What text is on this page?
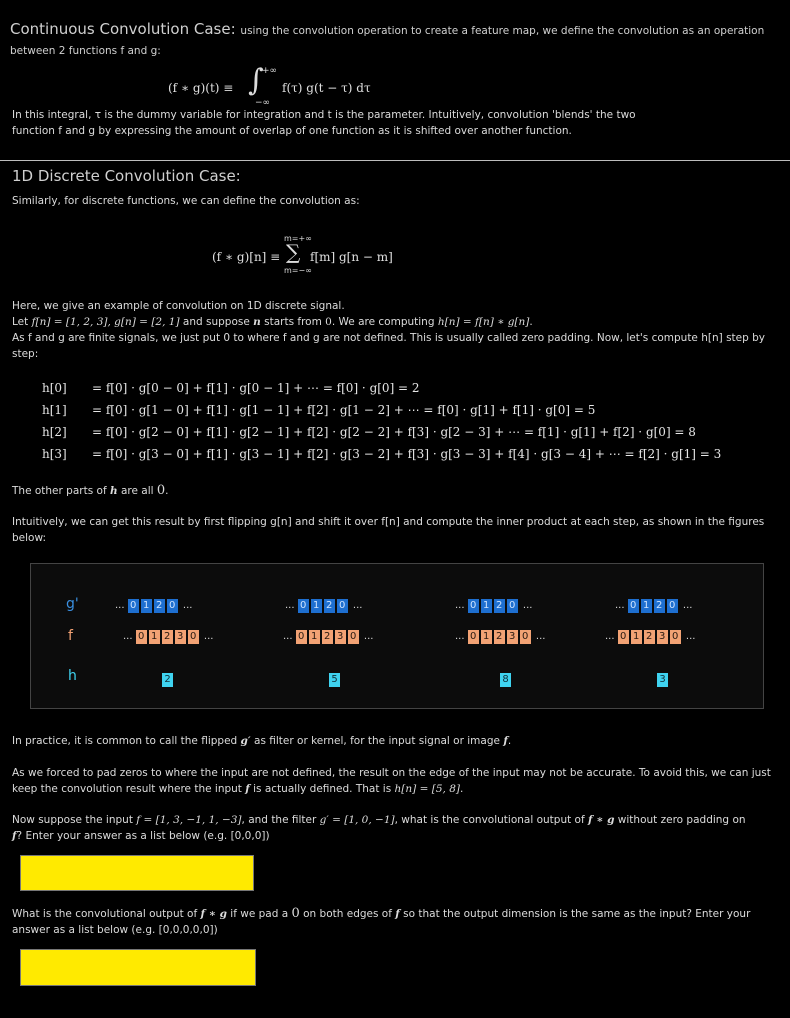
Continuous Convolution Case: using the convolution operation to create a feature map, we define the convolution as an operation between 2 functions f and g:
(f ∗ g)(t) ≡ ∫
+∞
−∞
f(τ) g(t − τ) dτ
In this integral, τ is the dummy variable for integration and t is the parameter. Intuitively, convolution 'blends' the two
function f and g by expressing the amount of overlap of one function as it is shifted over another function.
1D Discrete Convolution Case:
Similarly, for discrete functions, we can define the convolution as:
(f ∗ g)[n] ≡
m=+∞
∑
m=−∞
f[m] g[n − m]
Here, we give an example of convolution on 1D discrete signal.
Let f[n] = [1, 2, 3], g[n] = [2, 1] and suppose n starts from 0. We are computing h[n] = f[n] ∗ g[n].
As f and g are finite signals, we just put 0 to where f and g are not defined. This is usually called zero padding. Now, let's compute h[n] step by
step:
h[0] = f[0] · g[0 − 0] + f[1] · g[0 − 1] + ⋯ = f[0] · g[0] = 2
h[1] = f[0] · g[1 − 0] + f[1] · g[1 − 1] + f[2] · g[1 − 2] + ⋯ = f[0] · g[1] + f[1] · g[0] = 5
h[2] = f[0] · g[2 − 0] + f[1] · g[2 − 1] + f[2] · g[2 − 2] + f[3] · g[2 − 3] + ⋯ = f[1] · g[1] + f[2] · g[0] = 8
h[3] = f[0] · g[3 − 0] + f[1] · g[3 − 1] + f[2] · g[3 − 2] + f[3] · g[3 − 3] + f[4] · g[3 − 4] + ⋯ = f[2] · g[1] = 3
The other parts of h are all 0.
Intuitively, we can get this result by first flipping g[n] and shift it over f[n] and compute the inner product at each step, as shown in the figures below:
g'
f
h
... 0 1 2 0 ...
... 0 1 2 3 0 ...
2
... 0 1 2 0 ...
... 0 1 2 3 0 ...
5
... 0 1 2 0 ...
... 0 1 2 3 0 ...
8
... 0 1 2 0 ...
... 0 1 2 3 0 ...
3
In practice, it is common to call the flipped g′ as filter or kernel, for the input signal or image f.
As we forced to pad zeros to where the input are not defined, the result on the edge of the input may not be accurate. To avoid this, we can just
keep the convolution result where the input f is actually defined. That is h[n] = [5, 8].
Now suppose the input f = [1, 3, −1, 1, −3], and the filter g′ = [1, 0, −1], what is the convolutional output of f ∗ g without zero padding on
f? Enter your answer as a list below (e.g. [0,0,0])
What is the convolutional output of f ∗ g if we pad a 0 on both edges of f so that the output dimension is the same as the input? Enter your
answer as a list below (e.g. [0,0,0,0,0])
